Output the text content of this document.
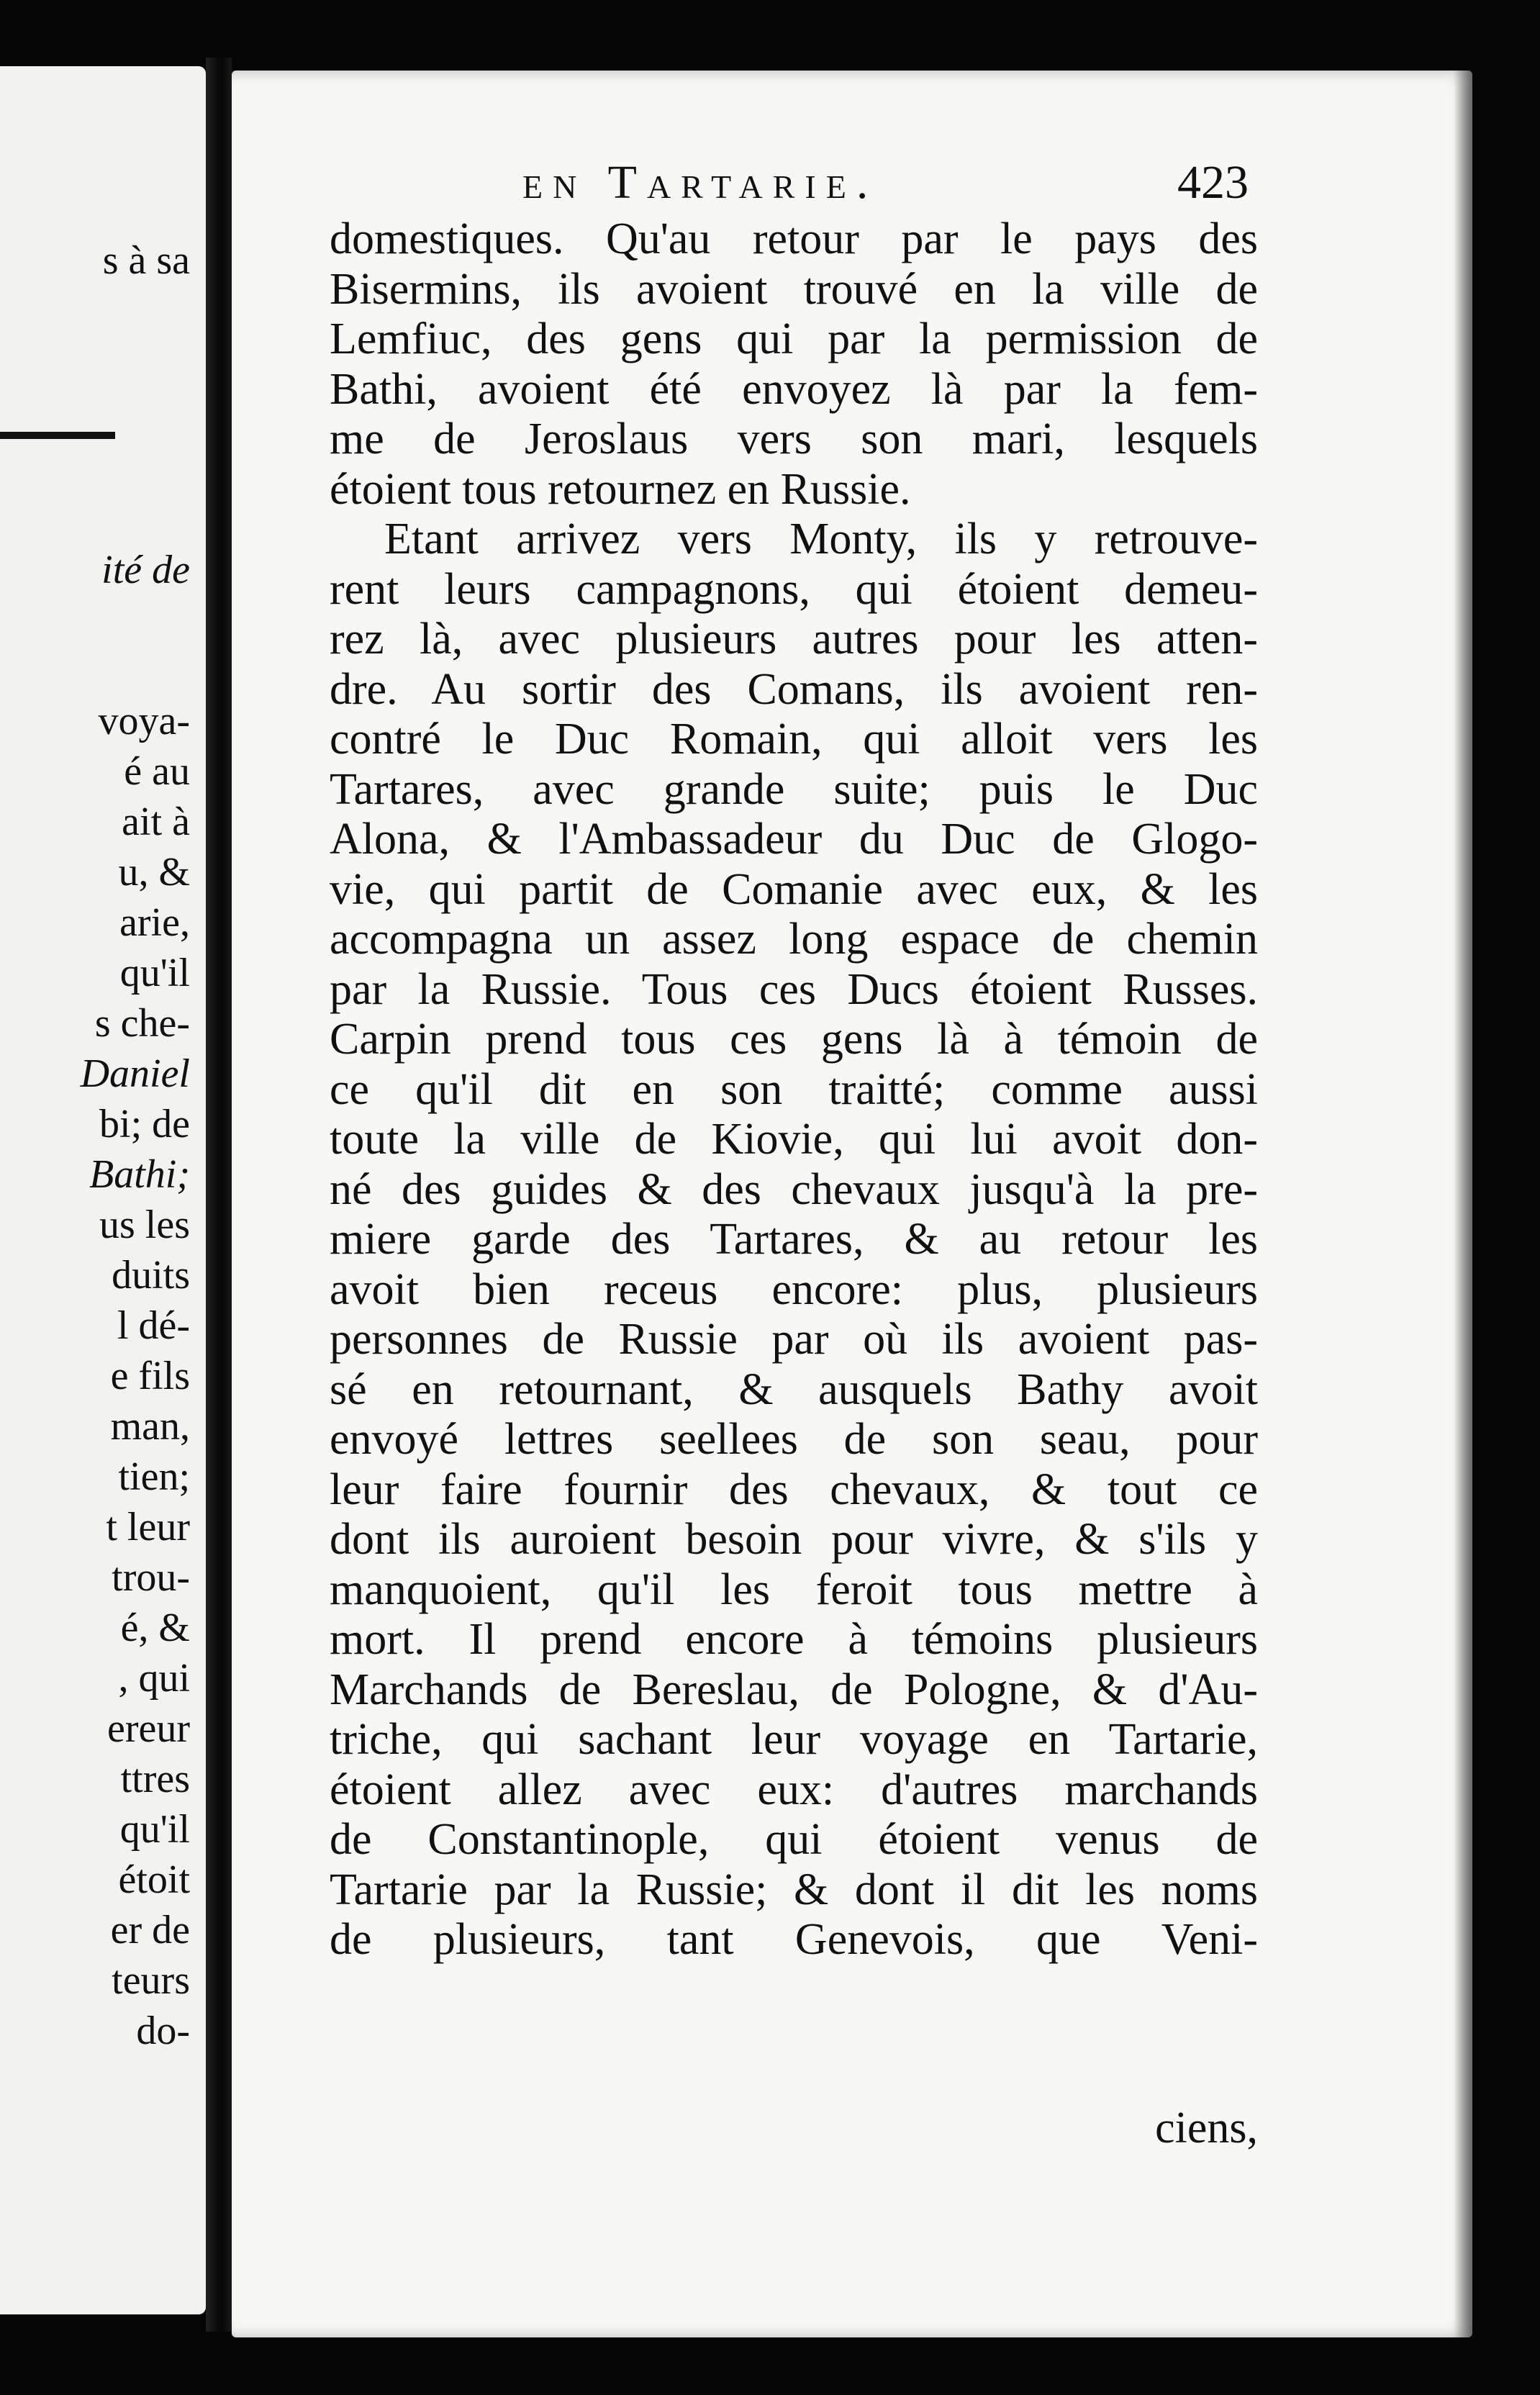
s à sa
ité de
voya-
é au
ait à
u, &
arie,
qu'il
s che-
Daniel
bi; de
Bathi;
us les
duits
l dé-
e fils
man,
tien;
t leur
trou-
é, &
, qui
ereur
ttres
qu'il
étoit
er de
teurs
do-
en Tartarie.	423
domestiques. Qu'au retour par le pays des
Bisermins, ils avoient trouvé en la ville de
Lemfiuc, des gens qui par la permission de
Bathi, avoient été envoyez là par la fem-
me de Jeroslaus vers son mari, lesquels
étoient tous retournez en Russie.
Etant arrivez vers Monty, ils y retrouve-
rent leurs campagnons, qui étoient demeu-
rez là, avec plusieurs autres pour les atten-
dre. Au sortir des Comans, ils avoient ren-
contré le Duc Romain, qui alloit vers les
Tartares, avec grande suite; puis le Duc
Alona, & l'Ambassadeur du Duc de Glogo-
vie, qui partit de Comanie avec eux, & les
accompagna un assez long espace de chemin
par la Russie. Tous ces Ducs étoient Russes.
Carpin prend tous ces gens là à témoin de
ce qu'il dit en son traitté; comme aussi
toute la ville de Kiovie, qui lui avoit don-
né des guides & des chevaux jusqu'à la pre-
miere garde des Tartares, & au retour les
avoit bien receus encore: plus, plusieurs
personnes de Russie par où ils avoient pas-
sé en retournant, & ausquels Bathy avoit
envoyé lettres seellees de son seau, pour
leur faire fournir des chevaux, & tout ce
dont ils auroient besoin pour vivre, & s'ils y
manquoient, qu'il les feroit tous mettre à
mort. Il prend encore à témoins plusieurs
Marchands de Bereslau, de Pologne, & d'Au-
triche, qui sachant leur voyage en Tartarie,
étoient allez avec eux: d'autres marchands
de Constantinople, qui étoient venus de
Tartarie par la Russie; & dont il dit les noms
de plusieurs, tant Genevois, que Veni-
ciens,
